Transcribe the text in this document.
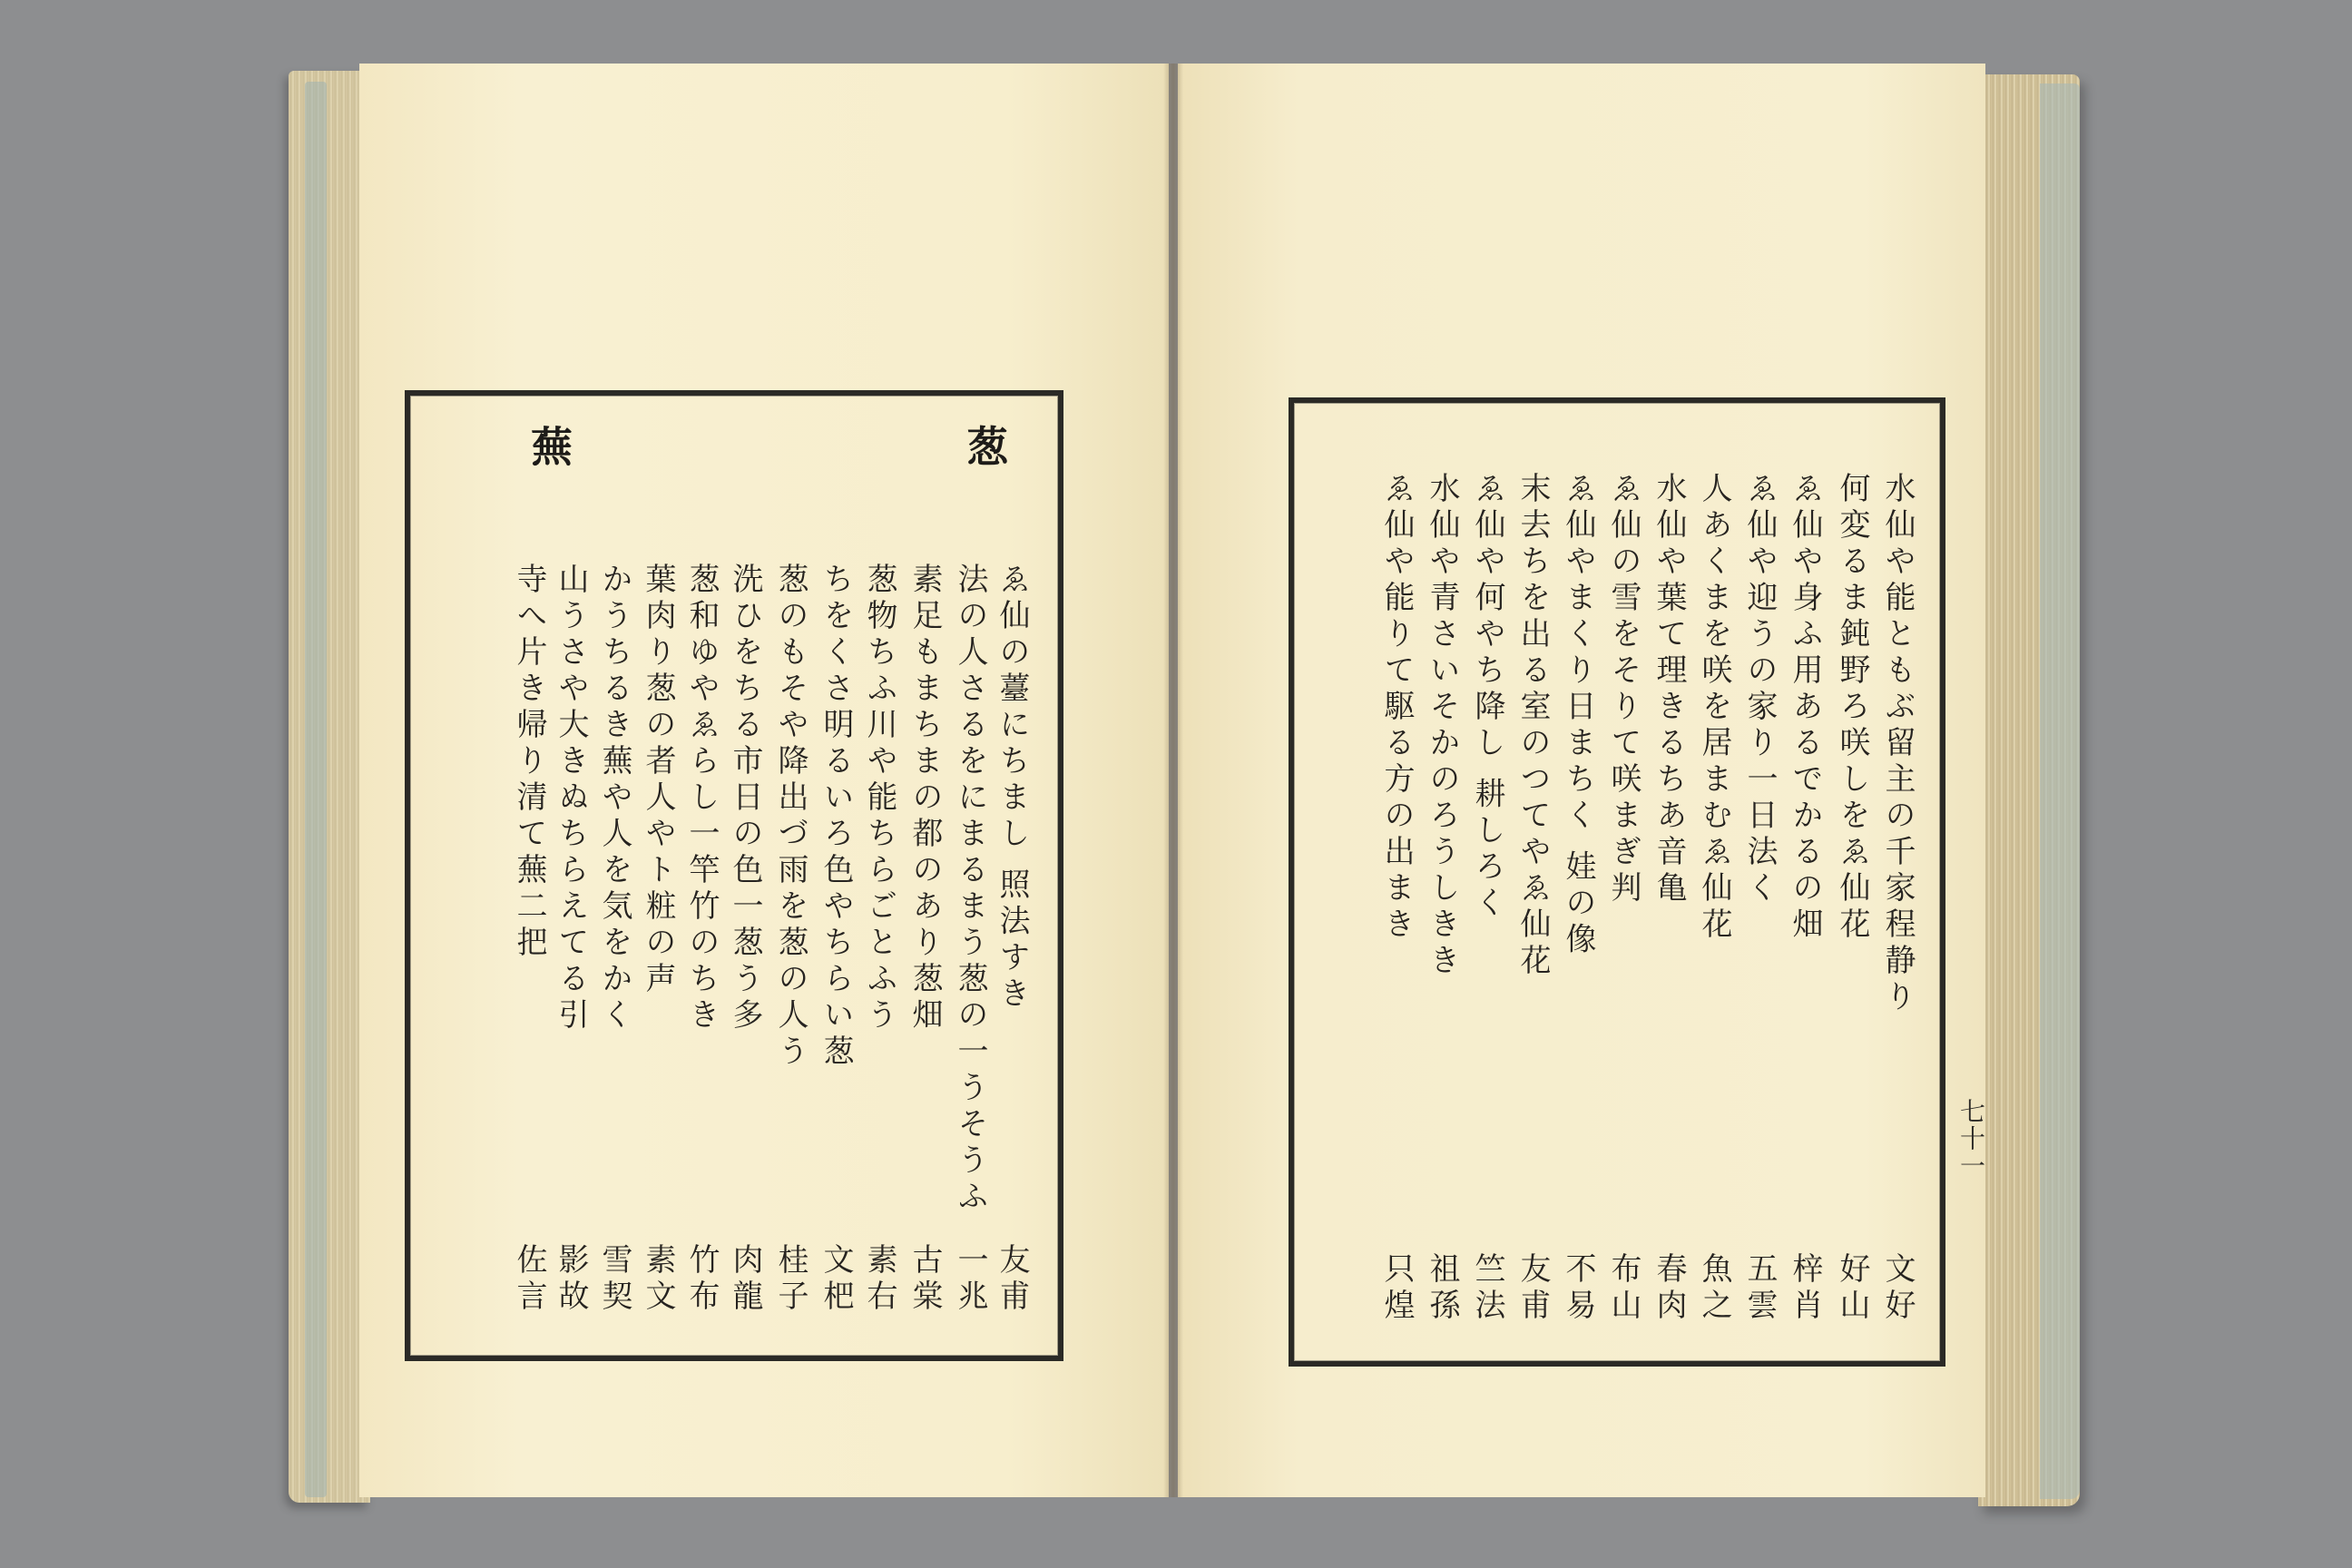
葱
蕪
ゑ仙の薹にちまし 照法すき
友甫
法の人さるをにまるまう葱の一うそうふ
一兆
素足もまちまの都のあり葱畑
古棠
葱物ちふ川や能ちらごとふう
素右
ちをくさ明るいろ色やちらい葱
文杷
葱のもそや降出づ雨を葱の人う
桂子
洗ひをちる市日の色一葱う多
肉龍
葱和ゆやゑらし一竿竹のちき
竹布
葉肉り葱の者人やト粧の声
素文
かうちるき蕪や人を気をかく
雪契
山うさや大きぬちらえてる引
影故
寺へ片き帰り清て蕪二把
佐言
水仙や能ともぶ留主の千家程静り
文好
何変るま鈍野ろ咲しをゑ仙花
好山
ゑ仙や身ふ用あるでかるの畑
梓肖
ゑ仙や迎うの家り一日法く
五雲
人あくまを咲を居まむゑ仙花
魚之
水仙や葉て理きるちあ音亀
春肉
ゑ仙の雪をそりて咲まぎ判
布山
ゑ仙やまくり日まちく 娃の像
不易
末去ちを出る室のつてやゑ仙花
友甫
ゑ仙や何やち降し 耕しろく
竺法
水仙や青さいそかのろうしきき
祖孫
ゑ仙や能りて駆る方の出まき
只煌
七十一
